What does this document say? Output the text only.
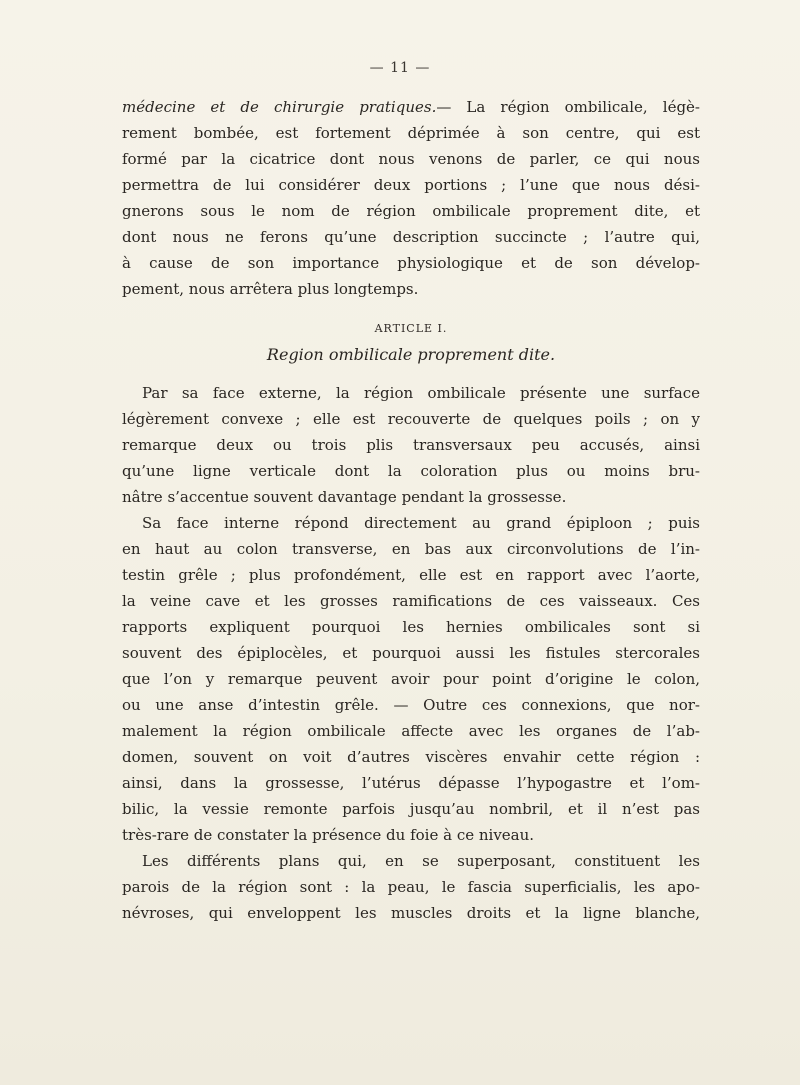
— 11 —
médecine et de chirurgie pratiques.— La région ombilicale, légè-
rement bombée, est fortement déprimée à son centre, qui est
formé par la cicatrice dont nous venons de parler, ce qui nous
permettra de lui considérer deux portions ; l’une que nous dési-
gnerons sous le nom de région ombilicale proprement dite, et
dont nous ne ferons qu’une description succincte ; l’autre qui,
à cause de son importance physiologique et de son dévelop-
pement, nous arrêtera plus longtemps.
ARTICLE I.
Region ombilicale proprement dite.
Par sa face externe, la région ombilicale présente une surface
légèrement convexe ; elle est recouverte de quelques poils ; on y
remarque deux ou trois plis transversaux peu accusés, ainsi
qu’une ligne verticale dont la coloration plus ou moins bru-
nâtre s’accentue souvent davantage pendant la grossesse.
Sa face interne répond directement au grand épiploon ; puis
en haut au colon transverse, en bas aux circonvolutions de l’in-
testin grêle ; plus profondément, elle est en rapport avec l’aorte,
la veine cave et les grosses ramifications de ces vaisseaux. Ces
rapports expliquent pourquoi les hernies ombilicales sont si
souvent des épiplocèles, et pourquoi aussi les fistules stercorales
que l’on y remarque peuvent avoir pour point d’origine le colon,
ou une anse d’intestin grêle. — Outre ces connexions, que nor-
malement la région ombilicale affecte avec les organes de l’ab-
domen, souvent on voit d’autres viscères envahir cette région :
ainsi, dans la grossesse, l’utérus dépasse l’hypogastre et l’om-
bilic, la vessie remonte parfois jusqu’au nombril, et il n’est pas
très-rare de constater la présence du foie à ce niveau.
Les différents plans qui, en se superposant, constituent les
parois de la région sont : la peau, le fascia superficialis, les apo-
névroses, qui enveloppent les muscles droits et la ligne blanche,
